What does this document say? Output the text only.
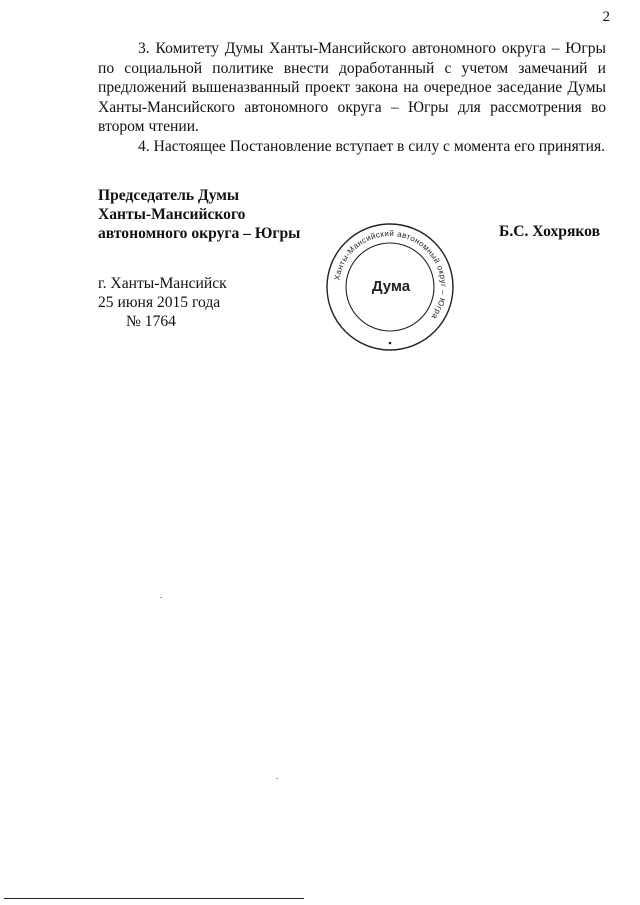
2

3. Комитету Думы Ханты-Мансийского автономного округа – Югры по социальной политике внести доработанный с учетом замечаний и предложений вышеназванный проект закона на очередное заседание Думы Ханты-Мансийского автономного округа – Югры для рассмотрения во втором чтении.

4. Настоящее Постановление вступает в силу с момента его принятия.

Председатель Думы
Ханты-Мансийского
автономного округа – Югры	Б.С. Хохряков
г. Ханты-Мансийск
25 июня 2015 года
№ 1764
Ханты-Мансийский автономный округ – Югра
Дума
